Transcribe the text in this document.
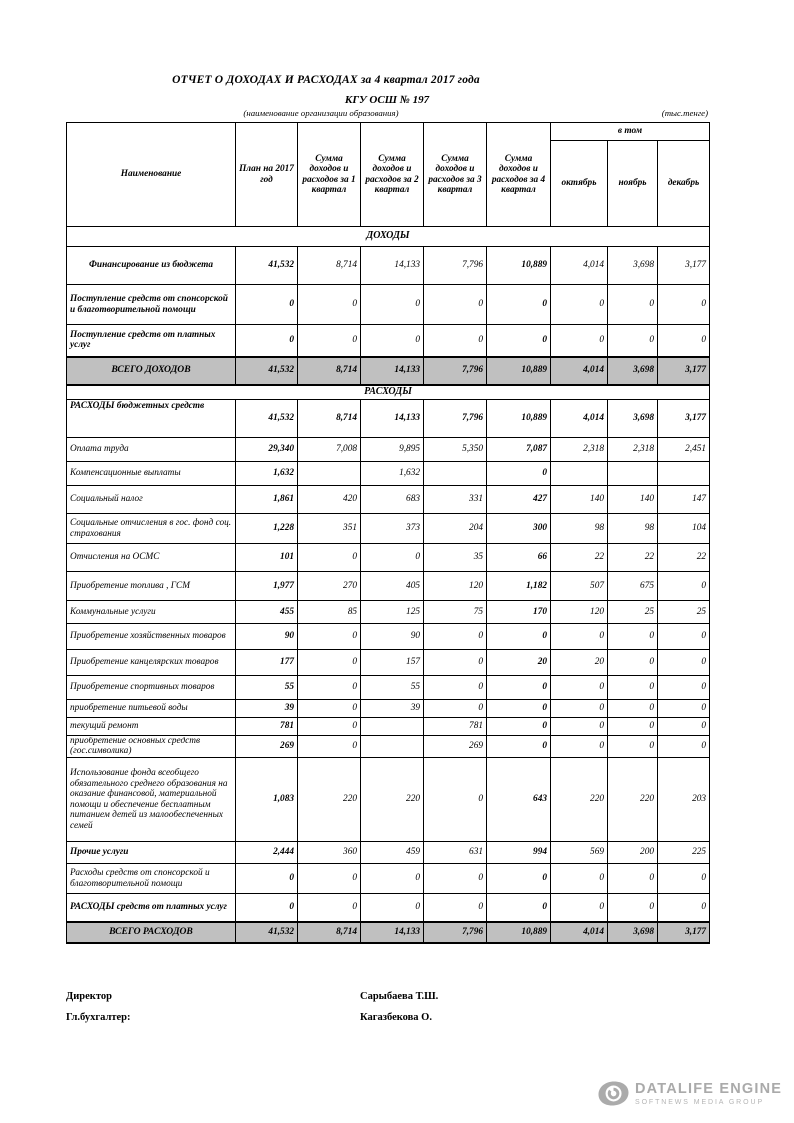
ОТЧЕТ О ДОХОДАХ И РАСХОДАХ за 4 квартал 2017 года
КГУ ОСШ № 197
(наименование организации образования)	(тыс.тенге)
Наименование	План на 2017 год	Сумма доходов и расходов за 1 квартал	Сумма доходов и расходов за 2 квартал	Сумма доходов и расходов за 3 квартал	Сумма доходов и расходов за 4 квартал	в том		
						октябрь	ноябрь	декабрь
ДОХОДЫ								

Финансирование из бюджета	41,532	8,714	14,133	7,796	10,889	4,014	3,698	3,177

Поступление средств от спонсорской и благотворительной помощи	0	0	0	0	0	0	0	0

Поступление средств от платных услуг	0	0	0	0	0	0	0	0

ВСЕГО ДОХОДОВ	41,532	8,714	14,133	7,796	10,889	4,014	3,698	3,177
РАСХОДЫ								

РАСХОДЫ бюджетных средств	41,532	8,714	14,133	7,796	10,889	4,014	3,698	3,177

Оплата труда	29,340	7,008	9,895	5,350	7,087	2,318	2,318	2,451

Компенсационные выплаты	1,632		1,632		0			

Социальный налог	1,861	420	683	331	427	140	140	147

Социальные отчисления в гос. фонд соц. страхования	1,228	351	373	204	300	98	98	104

Отчисления на ОСМС	101	0	0	35	66	22	22	22

Приобретение топлива , ГСМ	1,977	270	405	120	1,182	507	675	0

Коммунальные услуги	455	85	125	75	170	120	25	25

Приобретение хозяйственных товаров	90	0	90	0	0	0	0	0

Приобретение канцелярских товаров	177	0	157	0	20	20	0	0

Приобретение спортивных товаров	55	0	55	0	0	0	0	0

приобретение питьевой воды	39	0	39	0	0	0	0	0

текущий ремонт	781	0		781	0	0	0	0

приобретение основных средств (гос.символика)	269	0		269	0	0	0	0

Использование фонда всеобщего обязательного среднего образования на оказание финансовой, материальной помощи и обеспечение бесплатным питанием детей из малообеспеченных семей	1,083	220	220	0	643	220	220	203

Прочие услуги	2,444	360	459	631	994	569	200	225

Расходы средств от спонсорской и благотворительной помощи	0	0	0	0	0	0	0	0

РАСХОДЫ средств от платных услуг	0	0	0	0	0	0	0	0

ВСЕГО РАСХОДОВ	41,532	8,714	14,133	7,796	10,889	4,014	3,698	3,177
Директор	Сарыбаева Т.Ш.
Гл.бухгалтер:	Кагазбекова О.
DATALIFE ENGINE
SOFTNEWS MEDIA GROUP
